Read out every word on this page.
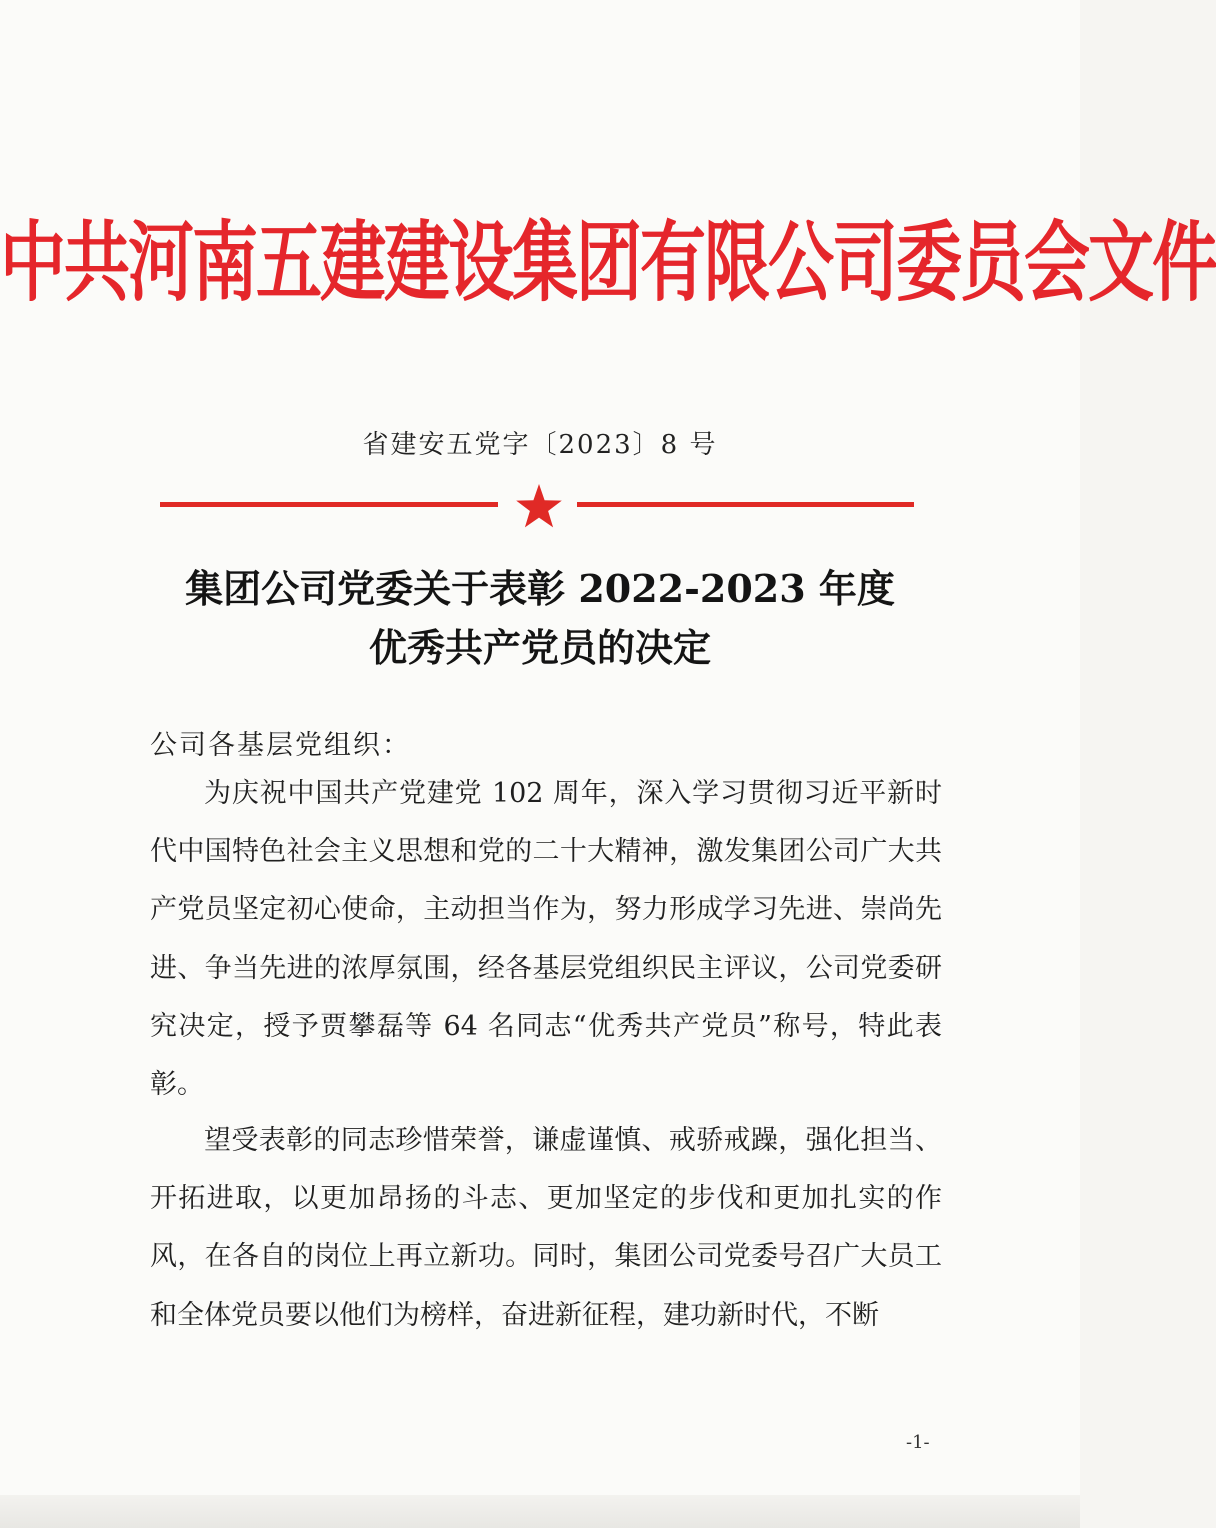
中共河南五建建设集团有限公司委员会文件
省建安五党字〔2023〕8 号
集团公司党委关于表彰 2022-2023 年度
优秀共产党员的决定
公司各基层党组织：

为庆祝中国共产党建党 102 周年，深入学习贯彻习近平新时代中国特色社会主义思想和党的二十大精神，激发集团公司广大共产党员坚定初心使命，主动担当作为，努力形成学习先进、崇尚先进、争当先进的浓厚氛围，经各基层党组织民主评议，公司党委研究决定，授予贾攀磊等 64 名同志“优秀共产党员”称号，特此表彰。

望受表彰的同志珍惜荣誉，谦虚谨慎、戒骄戒躁，强化担当、开拓进取，以更加昂扬的斗志、更加坚定的步伐和更加扎实的作风，在各自的岗位上再立新功。同时，集团公司党委号召广大员工和全体党员要以他们为榜样，奋进新征程，建功新时代，不断

-1-
